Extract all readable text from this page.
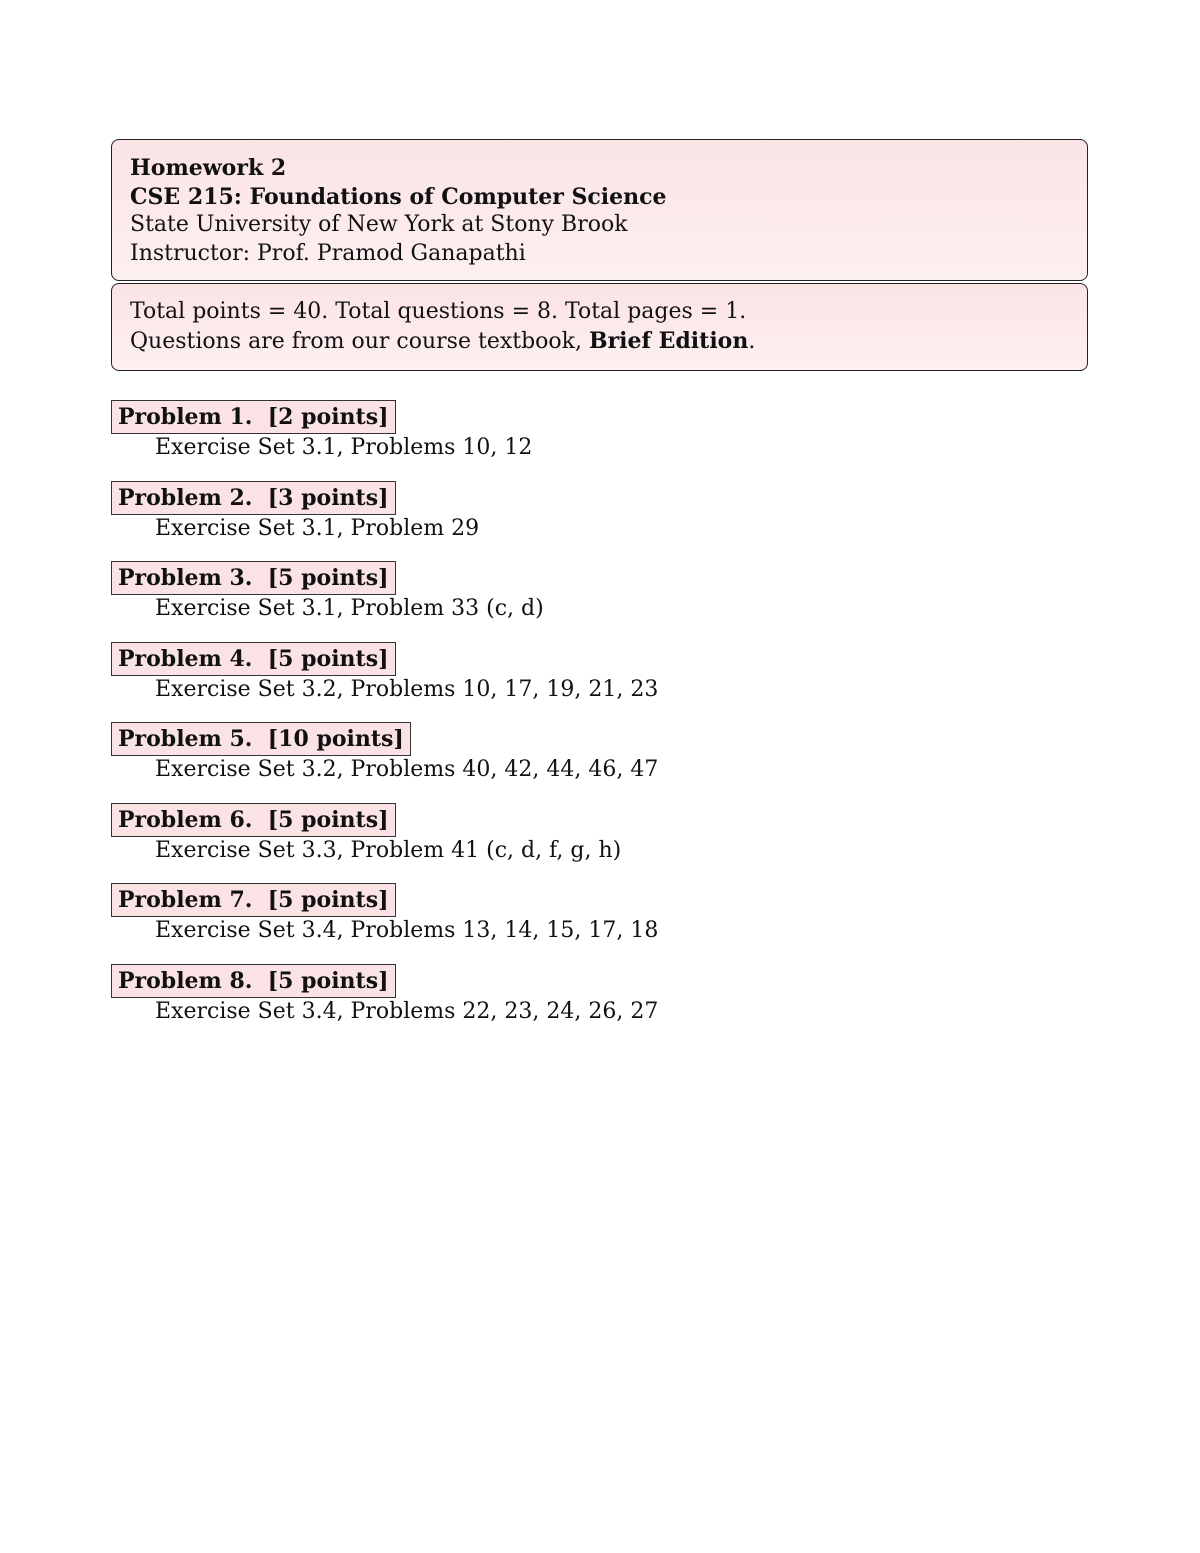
Homework 2
CSE 215: Foundations of Computer Science
State University of New York at Stony Brook
Instructor: Prof. Pramod Ganapathi
Total points = 40. Total questions = 8. Total pages = 1.
Questions are from our course textbook, Brief Edition.
Problem 1.  [2 points]
Exercise Set 3.1, Problems 10, 12
Problem 2.  [3 points]
Exercise Set 3.1, Problem 29
Problem 3.  [5 points]
Exercise Set 3.1, Problem 33 (c, d)
Problem 4.  [5 points]
Exercise Set 3.2, Problems 10, 17, 19, 21, 23
Problem 5.  [10 points]
Exercise Set 3.2, Problems 40, 42, 44, 46, 47
Problem 6.  [5 points]
Exercise Set 3.3, Problem 41 (c, d, f, g, h)
Problem 7.  [5 points]
Exercise Set 3.4, Problems 13, 14, 15, 17, 18
Problem 8.  [5 points]
Exercise Set 3.4, Problems 22, 23, 24, 26, 27
